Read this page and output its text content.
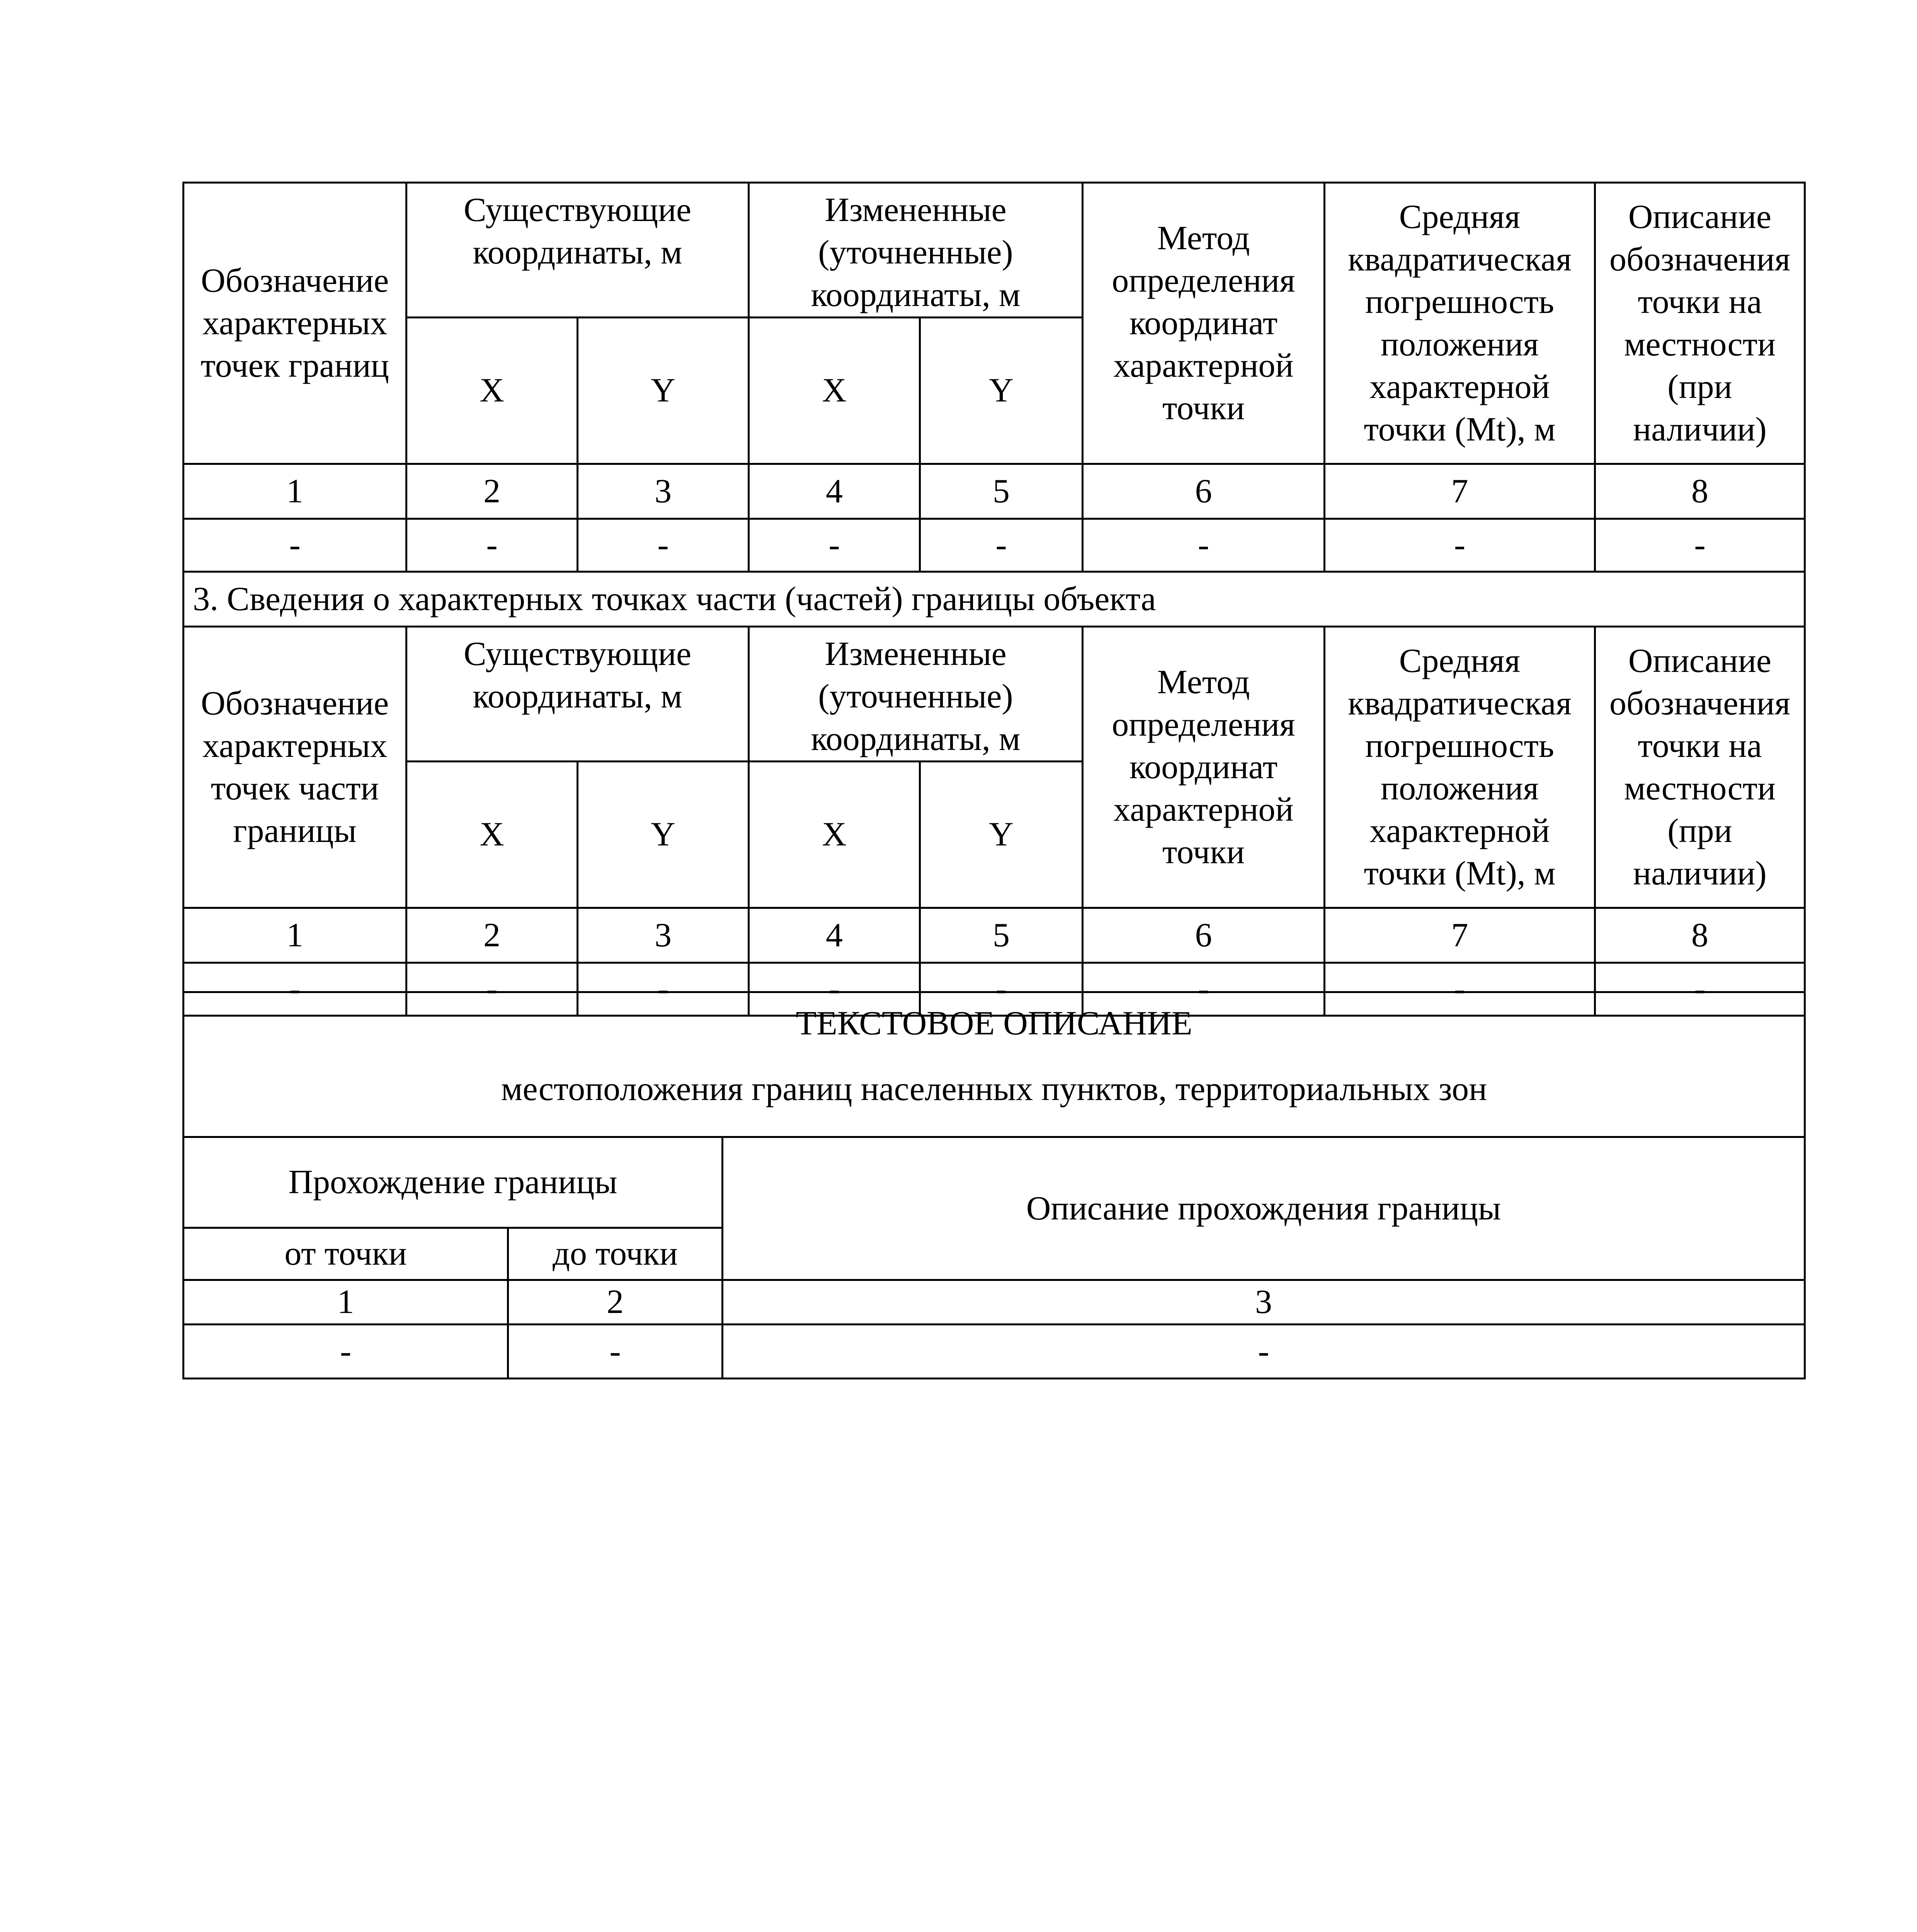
Обозначение характерных точек границ	Существующие координаты, м		Измененные (уточненные) координаты, м		Метод определения координат характерной точки	Средняя квадратическая погрешность положения характерной точки (Mt), м	Описание обозначения точки на местности (при наличии)
	X	Y	X	Y			
1	2	3	4	5	6	7	8
-	-	-	-	-	-	-	-
3. Сведения о характерных точках части (частей) границы объекта							
Обозначение характерных точек части границы	Существующие координаты, м		Измененные (уточненные) координаты, м		Метод определения координат характерной точки	Средняя квадратическая погрешность положения характерной точки (Mt), м	Описание обозначения точки на местности (при наличии)
	X	Y	X	Y			
1	2	3	4	5	6	7	8
-	-	-	-	-	-	-	-
ТЕКСТОВОЕ ОПИСАНИЕ
местоположения границ населенных пунктов, территориальных зон		

Прохождение границы		Описание прохождения границы
от точки	до точки	
1	2	3
-	-	-
